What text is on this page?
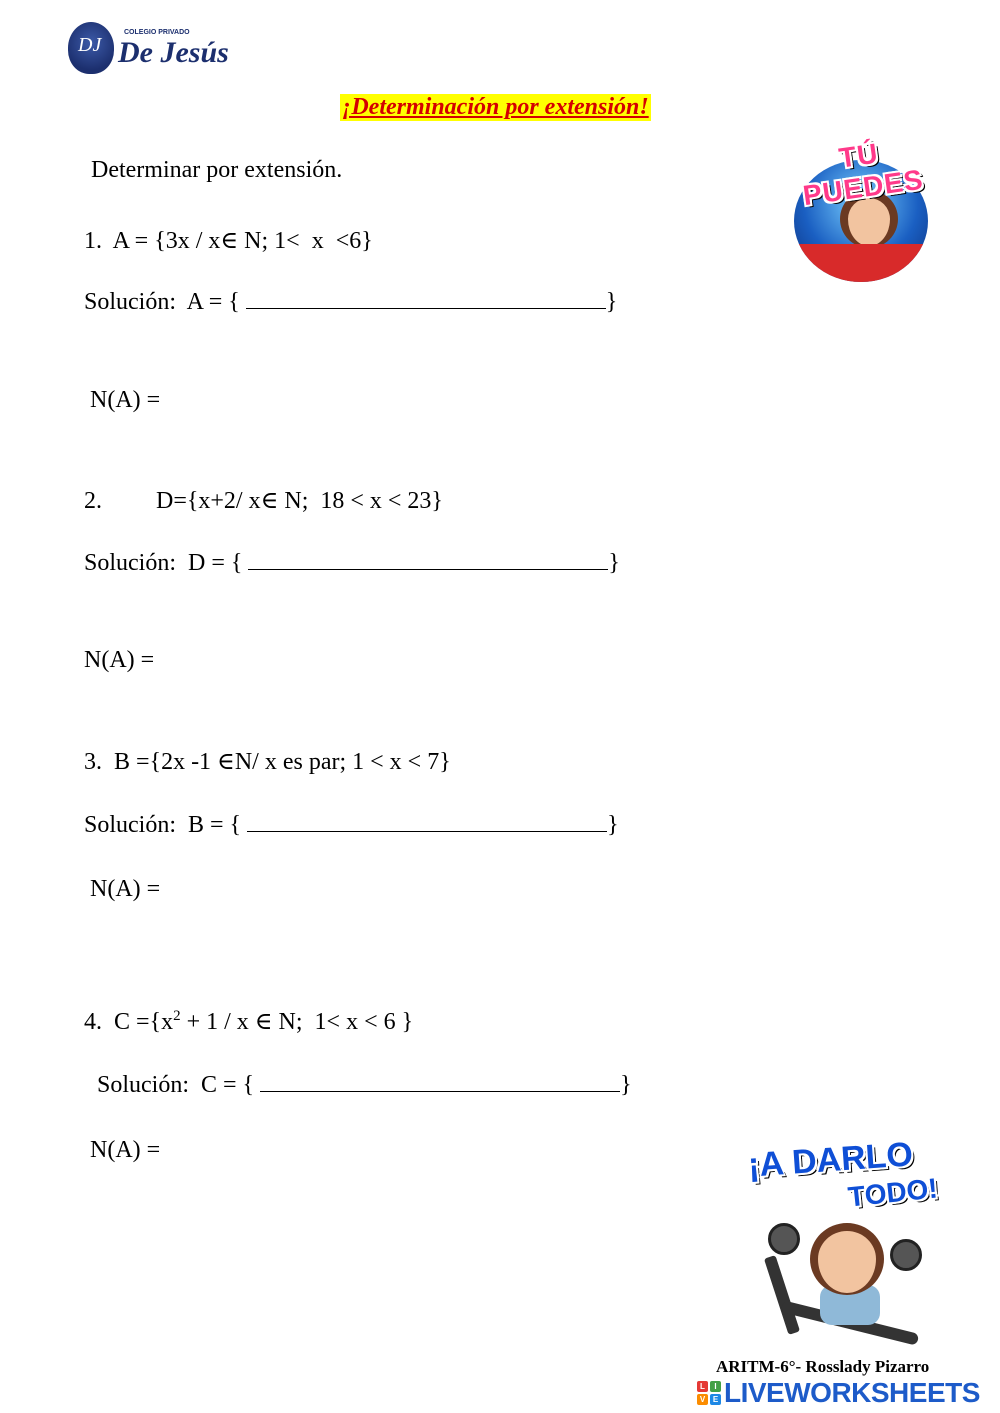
DJ
COLEGIO PRIVADO
De Jesús
¡Determinación por extensión!
Determinar por extensión.
1.  A = {3x / x∈ N; 1<  x  <6}
Solución:  A = {	}
N(A) =
2.         D={x+2/ x∈ N;  18 < x < 23}
Solución:  D = {	}
N(A) =
3.  B ={2x -1 ∈N/ x es par; 1 < x < 7}
Solución:  B = {	}
N(A) =
4.  $C =\{x^2 + 1 / x$ ∈ N;  1< x < 6 }
Solución:  C = {	}
N(A) =
TÚ PUEDES
¡A DARLO
TODO!
ARITM-6°- Rosslady Pizarro
L	I
V E LIVEWORKSHEETS
